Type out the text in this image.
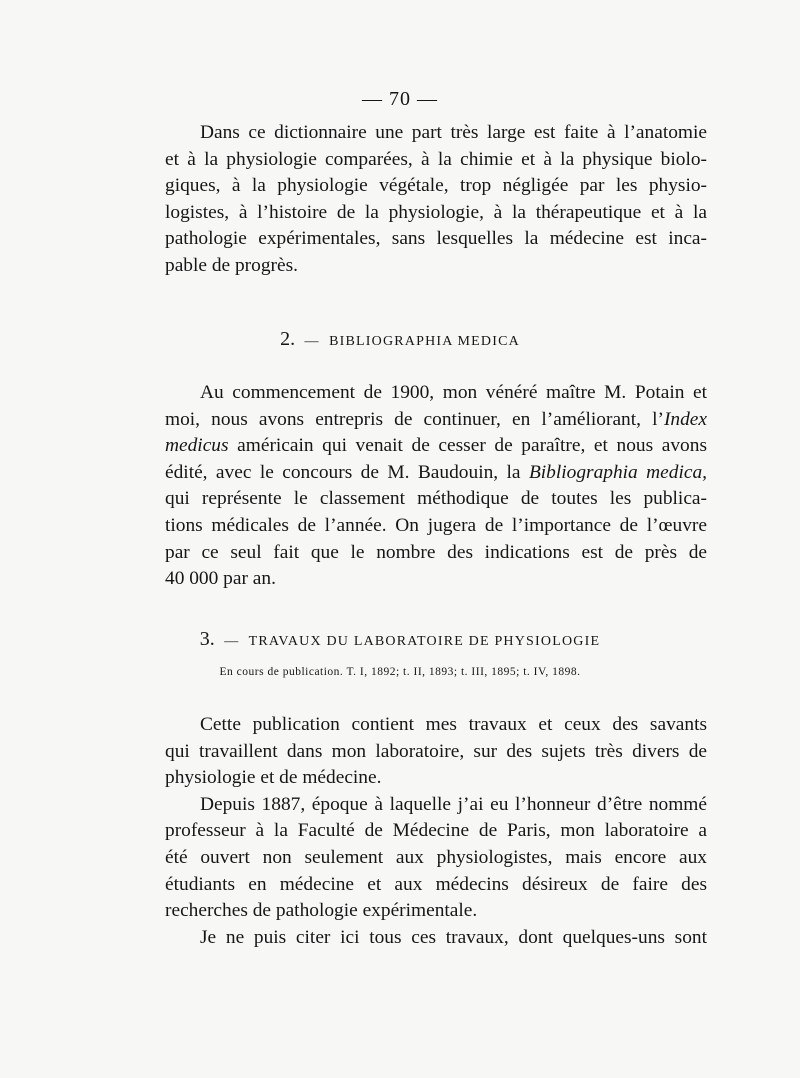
— 70 —
Dans ce dictionnaire une part très large est faite à l’anatomie
et à la physiologie comparées, à la chimie et à la physique biolo-
giques, à la physiologie végétale, trop négligée par les physio-
logistes, à l’histoire de la physiologie, à la thérapeutique et à la
pathologie expérimentales, sans lesquelles la médecine est inca-
pable de progrès.
2. — BIBLIOGRAPHIA MEDICA
Au commencement de 1900, mon vénéré maître M. Potain et
moi, nous avons entrepris de continuer, en l’améliorant, l’Index
medicus américain qui venait de cesser de paraître, et nous avons
édité, avec le concours de M. Baudouin, la Bibliographia medica,
qui représente le classement méthodique de toutes les publica-
tions médicales de l’année. On jugera de l’importance de l’œuvre
par ce seul fait que le nombre des indications est de près de
40 000 par an.
3. — TRAVAUX DU LABORATOIRE DE PHYSIOLOGIE
En cours de publication. T. I, 1892; t. II, 1893; t. III, 1895; t. IV, 1898.
Cette publication contient mes travaux et ceux des savants
qui travaillent dans mon laboratoire, sur des sujets très divers de
physiologie et de médecine.
Depuis 1887, époque à laquelle j’ai eu l’honneur d’être nommé
professeur à la Faculté de Médecine de Paris, mon laboratoire a
été ouvert non seulement aux physiologistes, mais encore aux
étudiants en médecine et aux médecins désireux de faire des
recherches de pathologie expérimentale.
Je ne puis citer ici tous ces travaux, dont quelques-uns sont
